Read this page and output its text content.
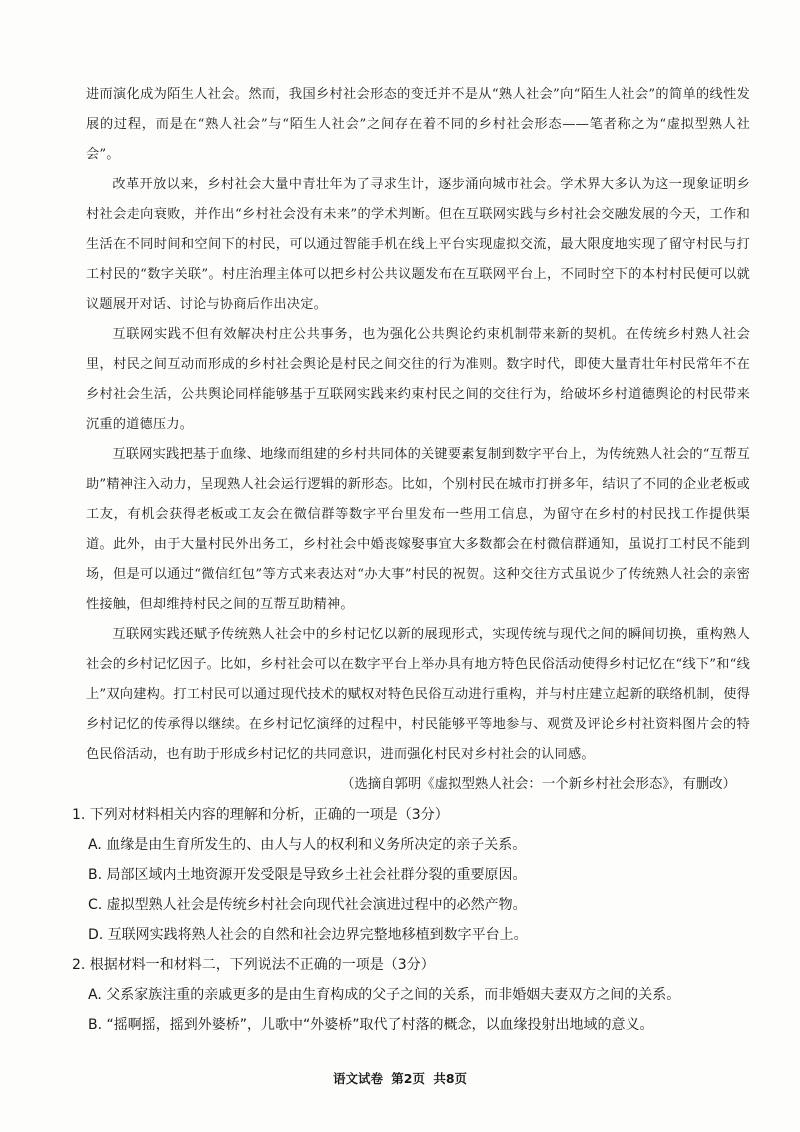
进而演化成为陌生人社会。然而，我国乡村社会形态的变迁并不是从“熟人社会”向“陌生人社会”的简单的线性发展的过程，而是在“熟人社会”与“陌生人社会”之间存在着不同的乡村社会形态——笔者称之为“虚拟型熟人社会”。

改革开放以来，乡村社会大量中青壮年为了寻求生计，逐步涌向城市社会。学术界大多认为这一现象证明乡村社会走向衰败，并作出“乡村社会没有未来”的学术判断。但在互联网实践与乡村社会交融发展的今天，工作和生活在不同时间和空间下的村民，可以通过智能手机在线上平台实现虚拟交流，最大限度地实现了留守村民与打工村民的“数字关联”。村庄治理主体可以把乡村公共议题发布在互联网平台上，不同时空下的本村村民便可以就议题展开对话、讨论与协商后作出决定。

互联网实践不但有效解决村庄公共事务，也为强化公共舆论约束机制带来新的契机。在传统乡村熟人社会里，村民之间互动而形成的乡村社会舆论是村民之间交往的行为准则。数字时代，即使大量青壮年村民常年不在乡村社会生活，公共舆论同样能够基于互联网实践来约束村民之间的交往行为，给破坏乡村道德舆论的村民带来沉重的道德压力。

互联网实践把基于血缘、地缘而组建的乡村共同体的关键要素复制到数字平台上，为传统熟人社会的“互帮互助”精神注入动力，呈现熟人社会运行逻辑的新形态。比如，个别村民在城市打拼多年，结识了不同的企业老板或工友，有机会获得老板或工友会在微信群等数字平台里发布一些用工信息，为留守在乡村的村民找工作提供渠道。此外，由于大量村民外出务工，乡村社会中婚丧嫁娶事宜大多数都会在村微信群通知，虽说打工村民不能到场，但是可以通过“微信红包”等方式来表达对“办大事”村民的祝贺。这种交往方式虽说少了传统熟人社会的亲密性接触，但却维持村民之间的互帮互助精神。

互联网实践还赋予传统熟人社会中的乡村记忆以新的展现形式，实现传统与现代之间的瞬间切换，重构熟人社会的乡村记忆因子。比如，乡村社会可以在数字平台上举办具有地方特色民俗活动使得乡村记忆在“线下”和“线上”双向建构。打工村民可以通过现代技术的赋权对特色民俗互动进行重构，并与村庄建立起新的联络机制，使得乡村记忆的传承得以继续。在乡村记忆演绎的过程中，村民能够平等地参与、观赏及评论乡村社资料图片会的特色民俗活动，也有助于形成乡村记忆的共同意识，进而强化村民对乡村社会的认同感。

（选摘自郭明《虚拟型熟人社会：一个新乡村社会形态》，有删改）

1. 下列对材料相关内容的理解和分析，正确的一项是（3分）

A. 血缘是由生育所发生的、由人与人的权利和义务所决定的亲子关系。

B. 局部区域内土地资源开发受限是导致乡土社会社群分裂的重要原因。

C. 虚拟型熟人社会是传统乡村社会向现代社会演进过程中的必然产物。

D. 互联网实践将熟人社会的自然和社会边界完整地移植到数字平台上。

2. 根据材料一和材料二，下列说法不正确的一项是（3分）

A. 父系家族注重的亲戚更多的是由生育构成的父子之间的关系，而非婚姻夫妻双方之间的关系。

B. “摇啊摇，摇到外婆桥”，儿歌中“外婆桥”取代了村落的概念，以血缘投射出地域的意义。

语文试卷 第2页 共8页
